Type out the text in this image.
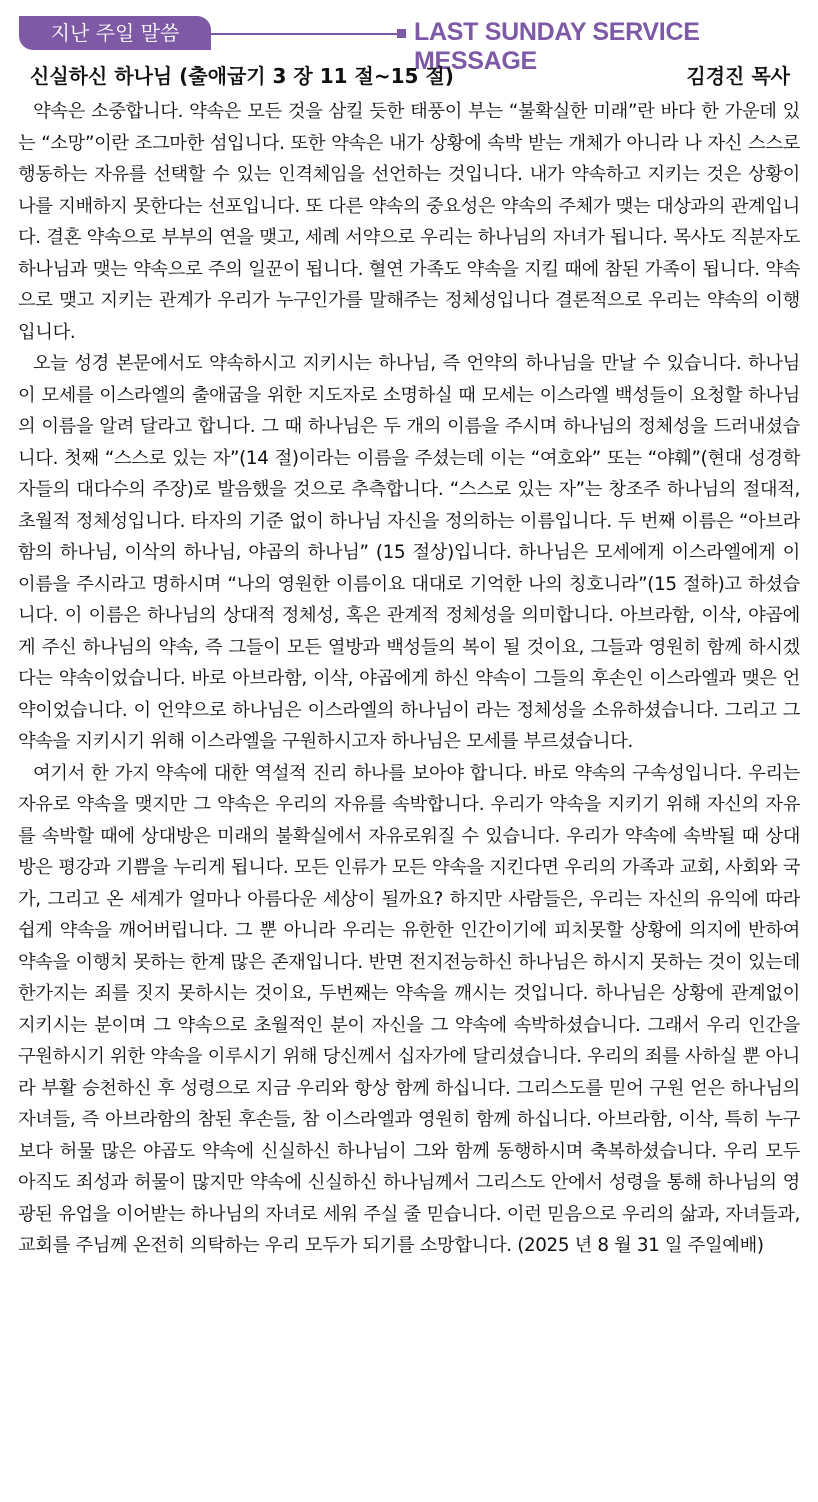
지난 주일 말씀	LAST SUNDAY SERVICE MESSAGE
신실하신 하나님 (출애굽기 3 장 11 절~15 절)	김경진 목사

약속은 소중합니다. 약속은 모든 것을 삼킬 듯한 태풍이 부는 “불확실한 미래”란 바다 한 가운데 있는 “소망”이란 조그마한 섬입니다. 또한 약속은 내가 상황에 속박 받는 개체가 아니라 나 자신 스스로 행동하는 자유를 선택할 수 있는 인격체임을 선언하는 것입니다. 내가 약속하고 지키는 것은 상황이 나를 지배하지 못한다는 선포입니다. 또 다른 약속의 중요성은 약속의 주체가 맺는 대상과의 관계입니다. 결혼 약속으로 부부의 연을 맺고, 세례 서약으로 우리는 하나님의 자녀가 됩니다. 목사도 직분자도 하나님과 맺는 약속으로 주의 일꾼이 됩니다. 혈연 가족도 약속을 지킬 때에 참된 가족이 됩니다. 약속으로 맺고 지키는 관계가 우리가 누구인가를 말해주는 정체성입니다 결론적으로 우리는 약속의 이행입니다.

오늘 성경 본문에서도 약속하시고 지키시는 하나님, 즉 언약의 하나님을 만날 수 있습니다. 하나님이 모세를 이스라엘의 출애굽을 위한 지도자로 소명하실 때 모세는 이스라엘 백성들이 요청할 하나님의 이름을 알려 달라고 합니다. 그 때 하나님은 두 개의 이름을 주시며 하나님의 정체성을 드러내셨습니다. 첫째 “스스로 있는 자”(14 절)이라는 이름을 주셨는데 이는 “여호와” 또는 “야훼”(현대 성경학자들의 대다수의 주장)로 발음했을 것으로 추측합니다. “스스로 있는 자”는 창조주 하나님의 절대적, 초월적 정체성입니다. 타자의 기준 없이 하나님 자신을 정의하는 이름입니다. 두 번째 이름은 “아브라함의 하나님, 이삭의 하나님, 야곱의 하나님” (15 절상)입니다. 하나님은 모세에게 이스라엘에게 이 이름을 주시라고 명하시며 “나의 영원한 이름이요 대대로 기억한 나의 칭호니라”(15 절하)고 하셨습니다. 이 이름은 하나님의 상대적 정체성, 혹은 관계적 정체성을 의미합니다. 아브라함, 이삭, 야곱에게 주신 하나님의 약속, 즉 그들이 모든 열방과 백성들의 복이 될 것이요, 그들과 영원히 함께 하시겠다는 약속이었습니다. 바로 아브라함, 이삭, 야곱에게 하신 약속이 그들의 후손인 이스라엘과 맺은 언약이었습니다. 이 언약으로 하나님은 이스라엘의 하나님이 라는 정체성을 소유하셨습니다. 그리고 그 약속을 지키시기 위해 이스라엘을 구원하시고자 하나님은 모세를 부르셨습니다.

여기서 한 가지 약속에 대한 역설적 진리 하나를 보아야 합니다. 바로 약속의 구속성입니다. 우리는 자유로 약속을 맺지만 그 약속은 우리의 자유를 속박합니다. 우리가 약속을 지키기 위해 자신의 자유를 속박할 때에 상대방은 미래의 불확실에서 자유로워질 수 있습니다. 우리가 약속에 속박될 때 상대방은 평강과 기쁨을 누리게 됩니다. 모든 인류가 모든 약속을 지킨다면 우리의 가족과 교회, 사회와 국가, 그리고 온 세계가 얼마나 아름다운 세상이 될까요? 하지만 사람들은, 우리는 자신의 유익에 따라 쉽게 약속을 깨어버립니다. 그 뿐 아니라 우리는 유한한 인간이기에 피치못할 상황에 의지에 반하여 약속을 이행치 못하는 한계 많은 존재입니다. 반면 전지전능하신 하나님은 하시지 못하는 것이 있는데 한가지는 죄를 짓지 못하시는 것이요, 두번째는 약속을 깨시는 것입니다. 하나님은 상황에 관계없이 지키시는 분이며 그 약속으로 초월적인 분이 자신을 그 약속에 속박하셨습니다. 그래서 우리 인간을 구원하시기 위한 약속을 이루시기 위해 당신께서 십자가에 달리셨습니다. 우리의 죄를 사하실 뿐 아니라 부활 승천하신 후 성령으로 지금 우리와 항상 함께 하십니다. 그리스도를 믿어 구원 얻은 하나님의 자녀들, 즉 아브라함의 참된 후손들, 참 이스라엘과 영원히 함께 하십니다. 아브라함, 이삭, 특히 누구보다 허물 많은 야곱도 약속에 신실하신 하나님이 그와 함께 동행하시며 축복하셨습니다. 우리 모두 아직도 죄성과 허물이 많지만 약속에 신실하신 하나님께서 그리스도 안에서 성령을 통해 하나님의 영광된 유업을 이어받는 하나님의 자녀로 세워 주실 줄 믿습니다. 이런 믿음으로 우리의 삶과, 자녀들과, 교회를 주님께 온전히 의탁하는 우리 모두가 되기를 소망합니다. (2025 년 8 월 31 일 주일예배)
